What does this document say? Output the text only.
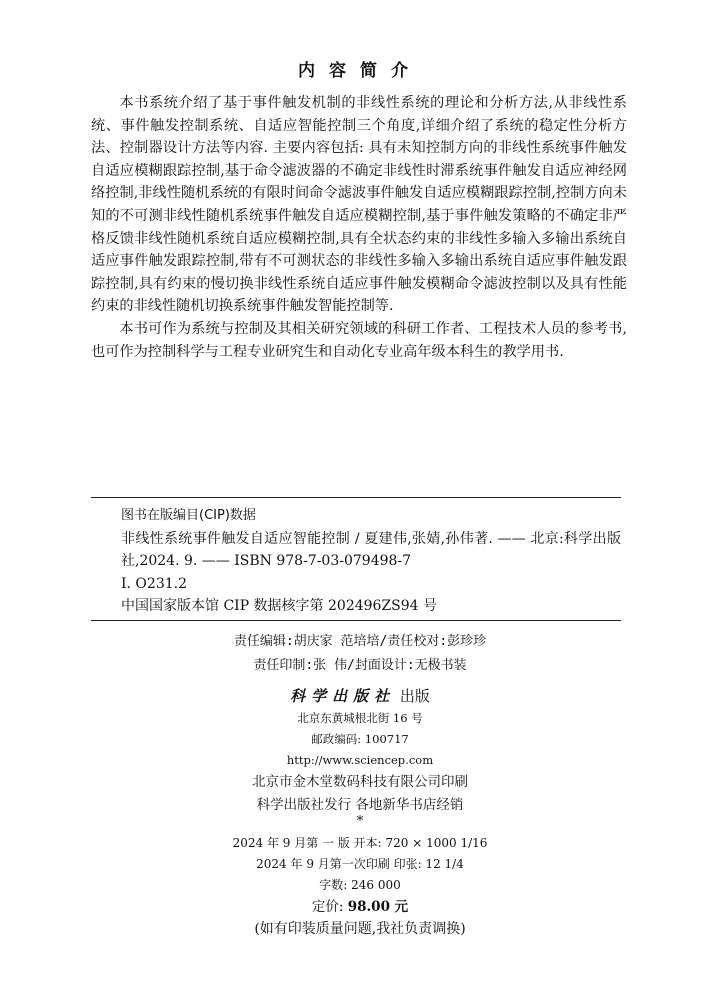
内容简介

本书系统介绍了基于事件触发机制的非线性系统的理论和分析方法,从非线性系统、事件触发控制系统、自适应智能控制三个角度,详细介绍了系统的稳定性分析方法、控制器设计方法等内容. 主要内容包括: 具有未知控制方向的非线性系统事件触发自适应模糊跟踪控制,基于命令滤波器的不确定非线性时滞系统事件触发自适应神经网络控制,非线性随机系统的有限时间命令滤波事件触发自适应模糊跟踪控制,控制方向未知的不可测非线性随机系统事件触发自适应模糊控制,基于事件触发策略的不确定非严格反馈非线性随机系统自适应模糊控制,具有全状态约束的非线性多输入多输出系统自适应事件触发跟踪控制,带有不可测状态的非线性多输入多输出系统自适应事件触发跟踪控制,具有约束的慢切换非线性系统自适应事件触发模糊命令滤波控制以及具有性能约束的非线性随机切换系统事件触发智能控制等.

本书可作为系统与控制及其相关研究领域的科研工作者、工程技术人员的参考书,也可作为控制科学与工程专业研究生和自动化专业高年级本科生的教学用书.

图书在版编目(CIP)数据
非线性系统事件触发自适应智能控制 / 夏建伟,张婧,孙伟著. —— 北京:科学出版社,2024. 9. —— ISBN 978-7-03-079498-7
Ⅰ. O231.2
中国国家版本馆 CIP 数据核字第 202496ZS94 号
责任编辑:胡庆家 范培培/责任校对:彭珍珍
责任印制:张 伟/封面设计:无极书装
科学出版社 出版
北京东黄城根北街 16 号
邮政编码: 100717
http://www.sciencep.com
北京市金木堂数码科技有限公司印刷
科学出版社发行 各地新华书店经销
*
2024 年 9 月第 一 版 开本: 720 × 1000 1/16
2024 年 9 月第一次印刷 印张: 12 1/4
字数: 246 000
定价: 98.00 元
(如有印装质量问题,我社负责调换)
